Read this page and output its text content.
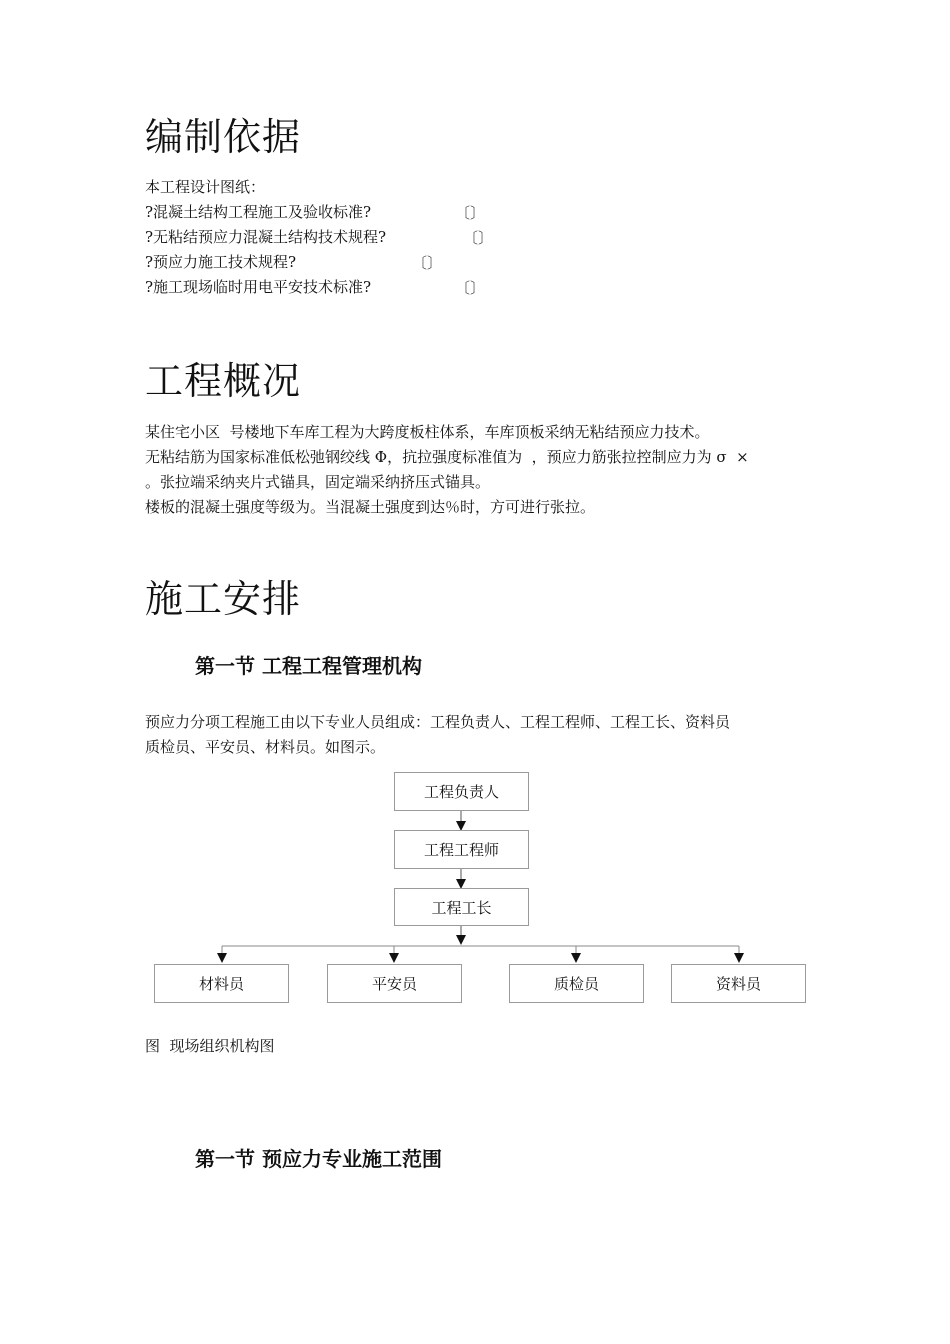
编制依据
本工程设计图纸：
?混凝土结构工程施工及验收标准?
?无粘结预应力混凝土结构技术规程?
?预应力施工技术规程?
?施工现场临时用电平安技术标准?
〔〕
〔〕
〔〕
〔〕
工程概况
某住宅小区  号楼地下车库工程为大跨度板柱体系，车库顶板采纳无粘结预应力技术。
无粘结筋为国家标准低松弛钢绞线 Φ，抗拉强度标准值为  ，预应力筋张拉控制应力为 σ  ×
。张拉端采纳夹片式锚具，固定端采纳挤压式锚具。
楼板的混凝土强度等级为。当混凝土强度到达％时，方可进行张拉。
施工安排
第一节 工程工程管理机构
预应力分项工程施工由以下专业人员组成：工程负责人、工程工程师、工程工长、资料员
质检员、平安员、材料员。如图示。
工程负责人
工程工程师
工程工长
材料员	平安员	质检员	资料员
图  现场组织机构图
第一节 预应力专业施工范围
